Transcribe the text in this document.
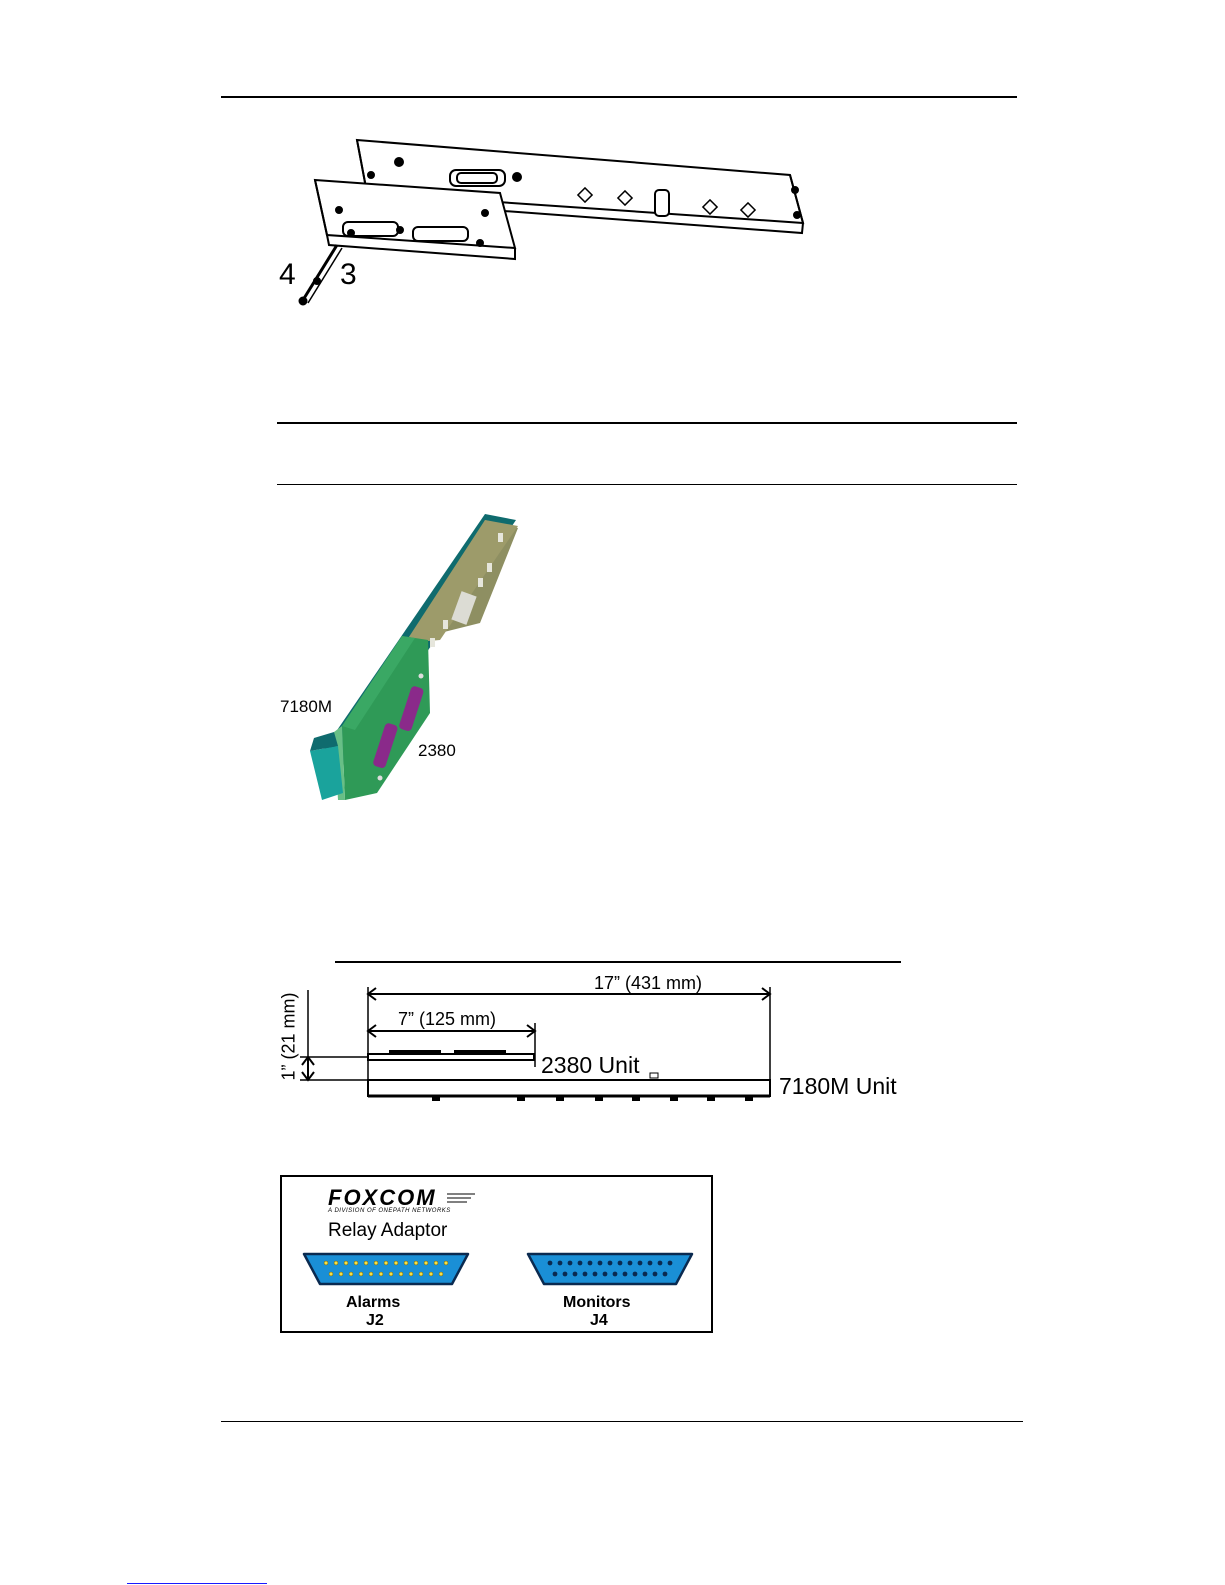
4 3
7180M
2380
17” (431 mm)
7” (125 mm)
1” (21 mm)	2380 Unit
7180M Unit
FOXCOM
A DIVISION OF ONEPATH NETWORKS
Relay Adaptor
Alarms
J2
Monitors
J4
